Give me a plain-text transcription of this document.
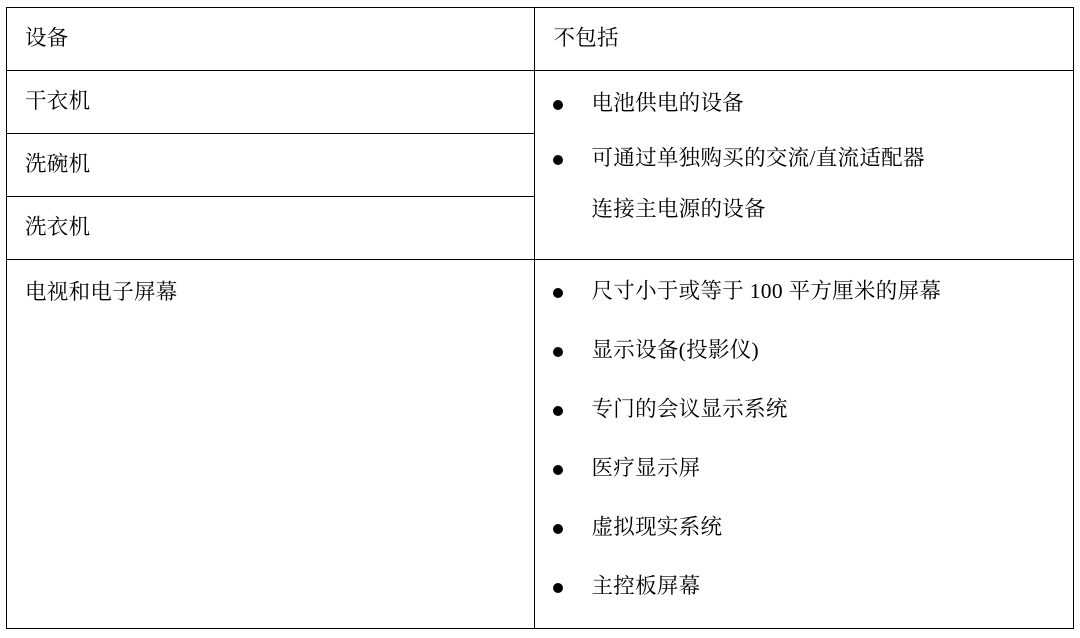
设备	不包括

干衣机	电池供电的设备
可通过单独购买的交流/直流适配器
连接主电源的设备

洗碗机	

洗衣机	

电视和电子屏幕	尺寸小于或等于 100 平方厘米的屏幕
显示设备(投影仪)
专门的会议显示系统
医疗显示屏
虚拟现实系统
主控板屏幕
